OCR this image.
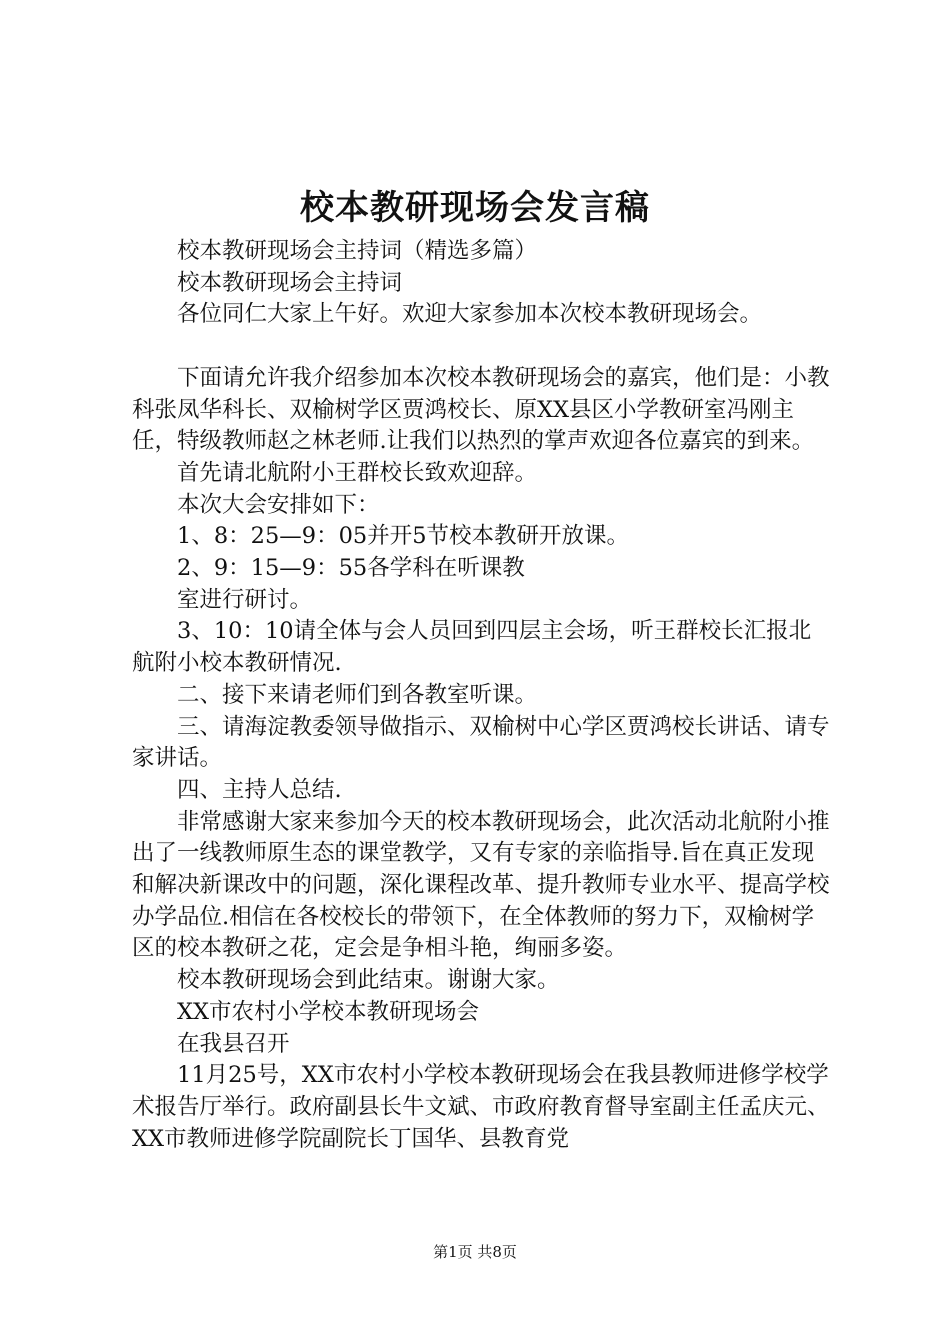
校本教研现场会发言稿

校本教研现场会主持词（精选多篇）

校本教研现场会主持词

各位同仁大家上午好。欢迎大家参加本次校本教研现场会。

下面请允许我介绍参加本次校本教研现场会的嘉宾，他们是：小教科张凤华科长、双榆树学区贾鸿校长、原XX县区小学教研室冯刚主任，特级教师赵之林老师.让我们以热烈的掌声欢迎各位嘉宾的到来。

首先请北航附小王群校长致欢迎辞。

本次大会安排如下：

1、8：25—9：05并开5节校本教研开放课。

2、9：15—9：55各学科在听课教

室进行研讨。

3、10：10请全体与会人员回到四层主会场，听王群校长汇报北航附小校本教研情况.

二、接下来请老师们到各教室听课。

三、请海淀教委领导做指示、双榆树中心学区贾鸿校长讲话、请专家讲话。

四、主持人总结.

非常感谢大家来参加今天的校本教研现场会，此次活动北航附小推出了一线教师原生态的课堂教学，又有专家的亲临指导.旨在真正发现和解决新课改中的问题，深化课程改革、提升教师专业水平、提高学校办学品位.相信在各校校长的带领下，在全体教师的努力下，双榆树学区的校本教研之花，定会是争相斗艳，绚丽多姿。

校本教研现场会到此结束。谢谢大家。

XX市农村小学校本教研现场会

在我县召开

11月25号，XX市农村小学校本教研现场会在我县教师进修学校学术报告厅举行。政府副县长牛文斌、市政府教育督导室副主任孟庆元、XX市教师进修学院副院长丁国华、县教育党

第1页 共8页
